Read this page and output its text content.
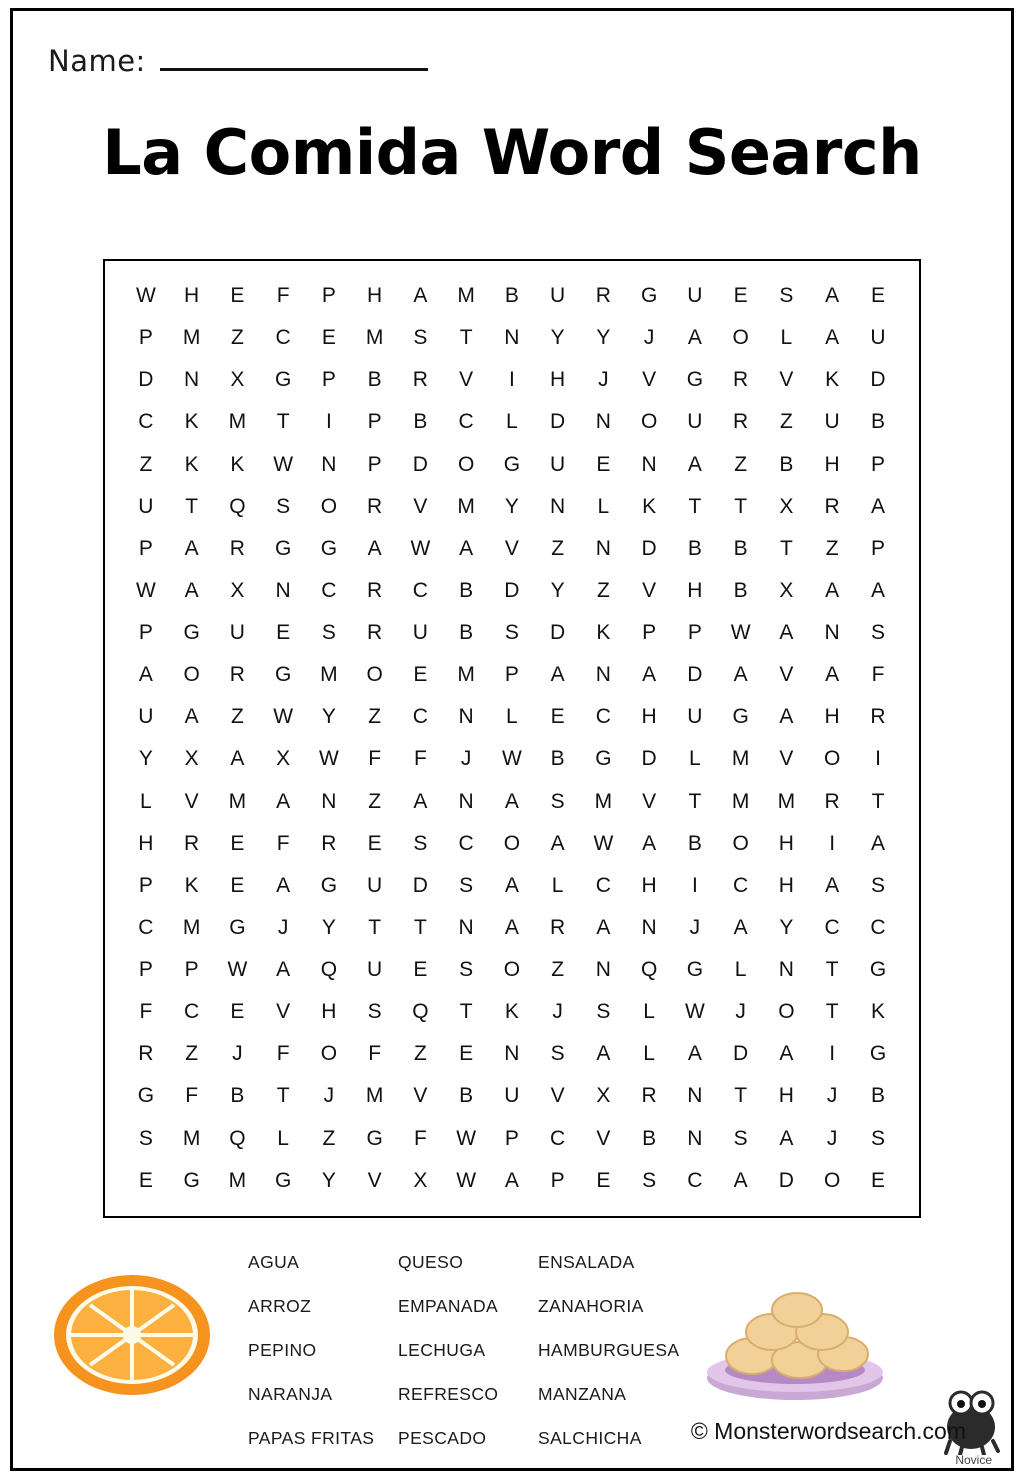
Name:
La Comida Word Search
W	H	E	F	P	H	A	M	B	U	R	G	U	E	S	A	E
P	M	Z	C	E	M	S	T	N	Y	Y	J	A	O	L	A	U
D	N	X	G	P	B	R	V	I	H	J	V	G	R	V	K	D
C	K	M	T	I	P	B	C	L	D	N	O	U	R	Z	U	B
Z	K	K	W	N	P	D	O	G	U	E	N	A	Z	B	H	P
U	T	Q	S	O	R	V	M	Y	N	L	K	T	T	X	R	A
P	A	R	G	G	A	W	A	V	Z	N	D	B	B	T	Z	P
W	A	X	N	C	R	C	B	D	Y	Z	V	H	B	X	A	A
P	G	U	E	S	R	U	B	S	D	K	P	P	W	A	N	S
A	O	R	G	M	O	E	M	P	A	N	A	D	A	V	A	F
U	A	Z	W	Y	Z	C	N	L	E	C	H	U	G	A	H	R
Y	X	A	X	W	F	F	J	W	B	G	D	L	M	V	O	I
L	V	M	A	N	Z	A	N	A	S	M	V	T	M	M	R	T
H	R	E	F	R	E	S	C	O	A	W	A	B	O	H	I	A
P	K	E	A	G	U	D	S	A	L	C	H	I	C	H	A	S
C	M	G	J	Y	T	T	N	A	R	A	N	J	A	Y	C	C
P	P	W	A	Q	U	E	S	O	Z	N	Q	G	L	N	T	G
F	C	E	V	H	S	Q	T	K	J	S	L	W	J	O	T	K
R	Z	J	F	O	F	Z	E	N	S	A	L	A	D	A	I	G
G	F	B	T	J	M	V	B	U	V	X	R	N	T	H	J	B
S	M	Q	L	Z	G	F	W	P	C	V	B	N	S	A	J	S
E	G	M	G	Y	V	X	W	A	P	E	S	C	A	D	O	E
AGUA	QUESO	ENSALADA
ARROZ	EMPANADA	ZANAHORIA
PEPINO	LECHUGA	HAMBURGUESA
NARANJA	REFRESCO	MANZANA
PAPAS FRITAS	PESCADO	SALCHICHA	© Monsterwordsearch.com
Novice
